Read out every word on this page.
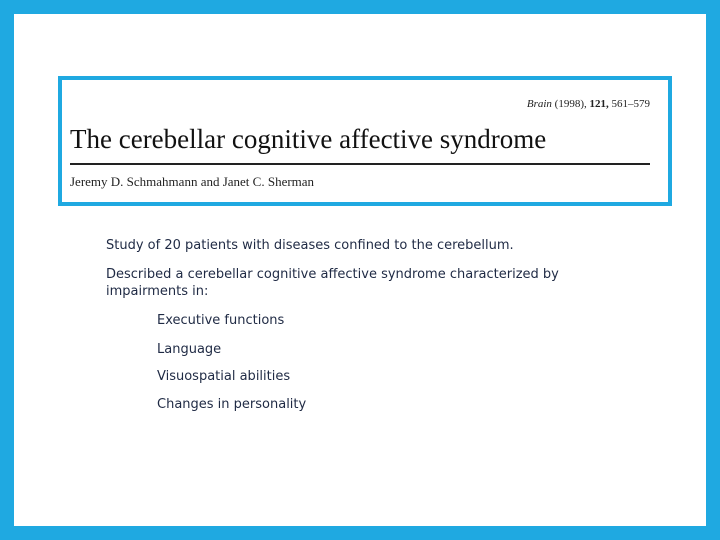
Brain (1998), 121, 561–579
The cerebellar cognitive affective syndrome
Jeremy D. Schmahmann and Janet C. Sherman
Study of 20 patients with diseases confined to the cerebellum.
Described a cerebellar cognitive affective syndrome characterized by impairments in:
Executive functions
Language
Visuospatial abilities
Changes in personality
